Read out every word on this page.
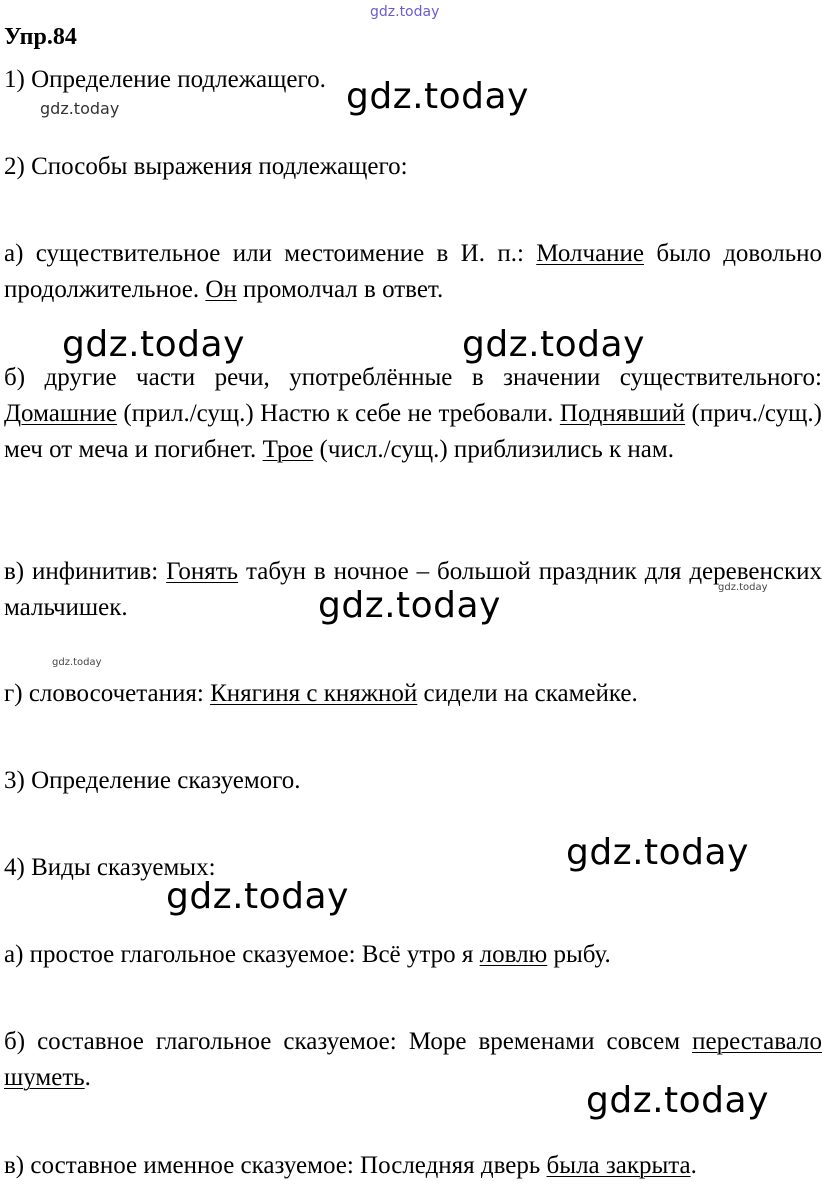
gdz.today
gdz.today
gdz.today
gdz.today	gdz.today
gdz.today
gdz.today
gdz.today
gdz.today
gdz.today
gdz.today
Упр.84
1) Определение подлежащего.
2) Способы выражения подлежащего:
а) существительное или местоимение в И. п.: Молчание было довольно продолжительное. Он промолчал в ответ.
б) другие части речи, употреблённые в значении существительного: Домашние (прил./сущ.) Настю к себе не требовали. Поднявший (прич./сущ.) меч от меча и погибнет. Трое (числ./сущ.) приблизились к нам.
в) инфинитив: Гонять табун в ночное – большой праздник для деревенских мальчишек.
г) словосочетания: Княгиня с княжной сидели на скамейке.
3) Определение сказуемого.
4) Виды сказуемых:
а) простое глагольное сказуемое: Всё утро я ловлю рыбу.
б) составное глагольное сказуемое: Море временами совсем переставало шуметь.
в) составное именное сказуемое: Последняя дверь была закрыта.
